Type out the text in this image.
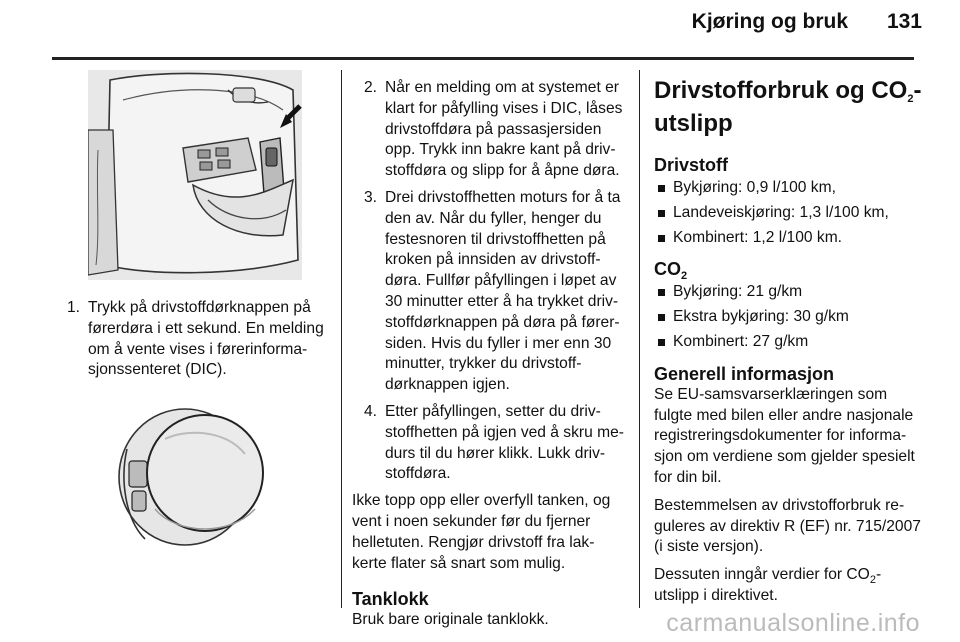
Kjøring og bruk 131
1. Trykk på drivstoffdørknappen på førerdøra i ett sekund. En melding om å vente vises i førerinforma-sjonssenteret (DIC).
2. Når en melding om at systemet er klart for påfylling vises i DIC, låses drivstoffdøra på passasjersiden opp. Trykk inn bakre kant på driv-stoffdøra og slipp for å åpne døra.
3. Drei drivstoffhetten moturs for å ta den av. Når du fyller, henger du festesnoren til drivstoffhetten på kroken på innsiden av drivstoff-døra. Fullfør påfyllingen i løpet av 30 minutter etter å ha trykket driv-stoffdørknappen på døra på fører-siden. Hvis du fyller i mer enn 30 minutter, trykker du drivstoff-dørknappen igjen.
4. Etter påfyllingen, setter du driv-stoffhetten på igjen ved å skru me-durs til du hører klikk. Lukk driv-stoffdøra.

Ikke topp opp eller overfyll tanken, og vent i noen sekunder før du fjerner helletuten. Rengjør drivstoff fra lak-kerte flater så snart som mulig.

Tanklokk

Bruk bare originale tanklokk.

Drivstofforbruk og $CO_2$-utslipp
Drivstoff
Bykjøring: 0,9 l/100 km,
Landeveiskjøring: 1,3 l/100 km,
Kombinert: 1,2 l/100 km.
$CO_2$
Bykjøring: 21 g/km
Ekstra bykjøring: 30 g/km
Kombinert: 27 g/km
Generell informasjon

Se EU-samsvarserklæringen som fulgte med bilen eller andre nasjonale registreringsdokumenter for informa-sjon om verdiene som gjelder spesielt for din bil.

Bestemmelsen av drivstofforbruk re-guleres av direktiv R (EF) nr. 715/2007 (i siste versjon).

Dessuten inngår verdier for $CO_2$-utslipp i direktivet.

carmanualsonline.info
